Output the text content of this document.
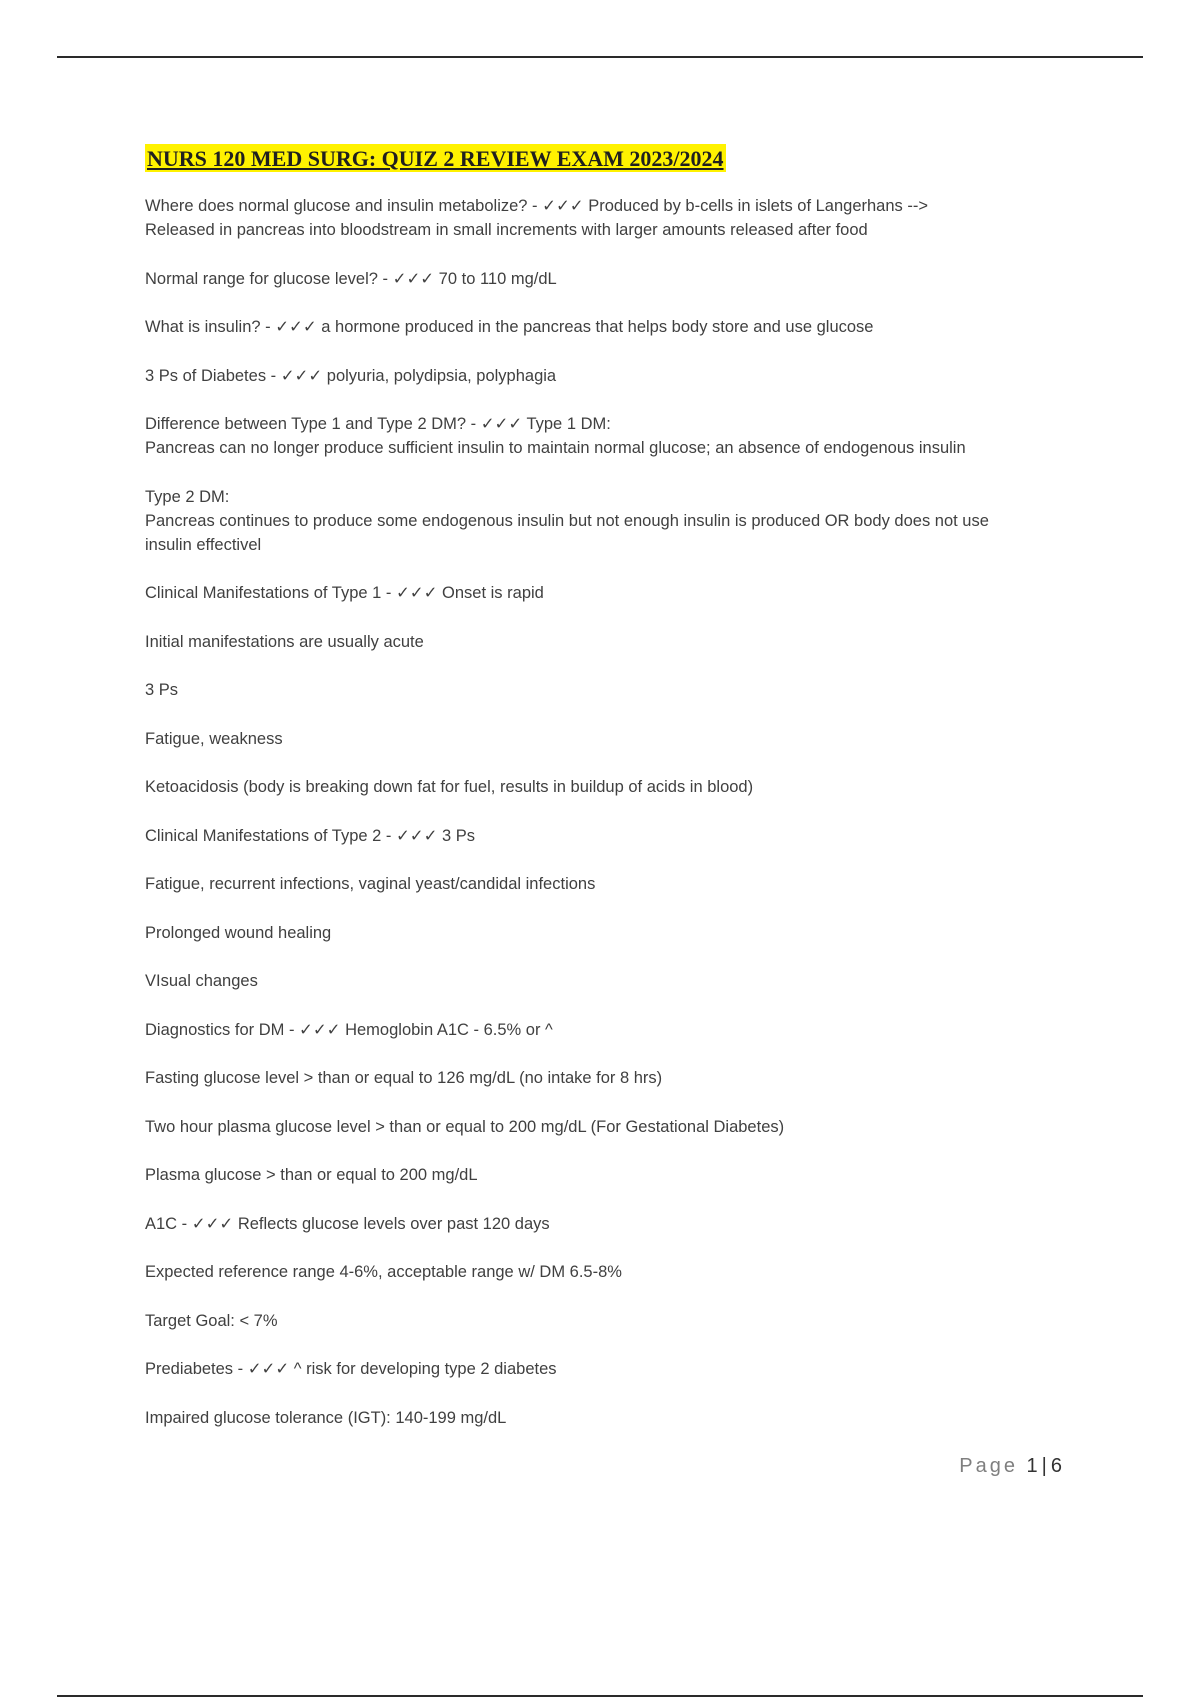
NURS 120 MED SURG: QUIZ 2 REVIEW EXAM 2023/2024
Where does normal glucose and insulin metabolize? - ✓✓✓ Produced by b-cells in islets of Langerhans -->
Released in pancreas into bloodstream in small increments with larger amounts released after food
Normal range for glucose level? - ✓✓✓ 70 to 110 mg/dL
What is insulin? - ✓✓✓ a hormone produced in the pancreas that helps body store and use glucose
3 Ps of Diabetes - ✓✓✓ polyuria, polydipsia, polyphagia
Difference between Type 1 and Type 2 DM? - ✓✓✓ Type 1 DM:
Pancreas can no longer produce sufficient insulin to maintain normal glucose; an absence of endogenous insulin
Type 2 DM:
Pancreas continues to produce some endogenous insulin but not enough insulin is produced OR body does not use
insulin effectivel
Clinical Manifestations of Type 1 - ✓✓✓ Onset is rapid
Initial manifestations are usually acute
3 Ps
Fatigue, weakness
Ketoacidosis (body is breaking down fat for fuel, results in buildup of acids in blood)
Clinical Manifestations of Type 2 - ✓✓✓ 3 Ps
Fatigue, recurrent infections, vaginal yeast/candidal infections
Prolonged wound healing
VIsual changes
Diagnostics for DM - ✓✓✓ Hemoglobin A1C - 6.5% or ^
Fasting glucose level > than or equal to 126 mg/dL (no intake for 8 hrs)
Two hour plasma glucose level > than or equal to 200 mg/dL (For Gestational Diabetes)
Plasma glucose > than or equal to 200 mg/dL
A1C - ✓✓✓ Reflects glucose levels over past 120 days
Expected reference range 4-6%, acceptable range w/ DM 6.5-8%
Target Goal: < 7%
Prediabetes - ✓✓✓ ^ risk for developing type 2 diabetes
Impaired glucose tolerance (IGT): 140-199 mg/dL
Page 1 | 6
